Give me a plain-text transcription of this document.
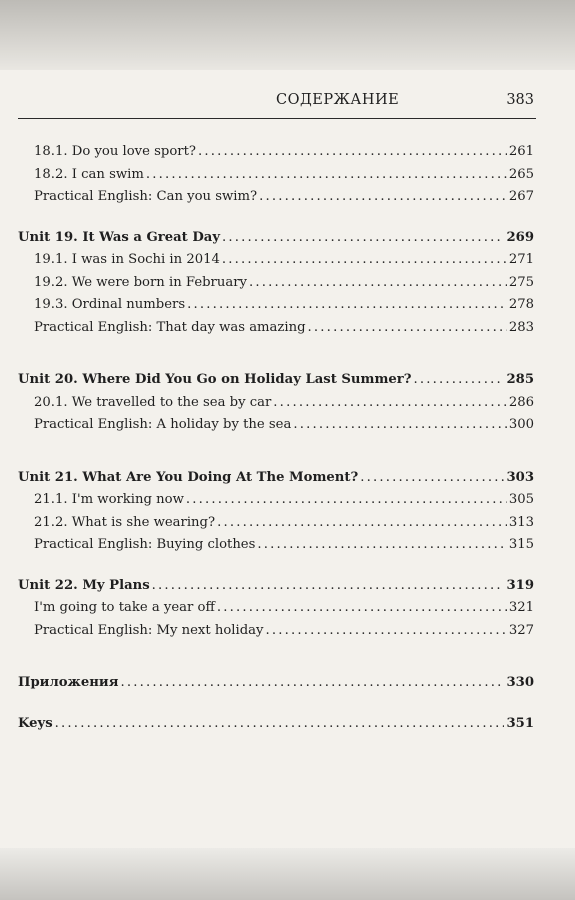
СОДЕРЖАНИЕ	383
18.1. Do you love sport? . . .	261
18.2. I can swim . . .	265
Practical English: Can you swim? . . .	267
Unit 19. It Was a Great Day . . .	269
19.1. I was in Sochi in 2014 . . .	271
19.2. We were born in February . . .	275
19.3. Ordinal numbers . . .	278
Practical English: That day was amazing . . .	283
Unit 20. Where Did You Go on Holiday Last Summer? . . .	285
20.1. We travelled to the sea by car . . .	286
Practical English: A holiday by the sea . . .	300
Unit 21. What Are You Doing At The Moment? . . .	303
21.1. I'm working now . . .	305
21.2. What is she wearing? . . .	313
Practical English: Buying clothes . . .	315
Unit 22. My Plans . . .	319
I'm going to take a year off . . .	321
Practical English: My next holiday . . .	327
Приложения . . .	330
Keys . . .	351
